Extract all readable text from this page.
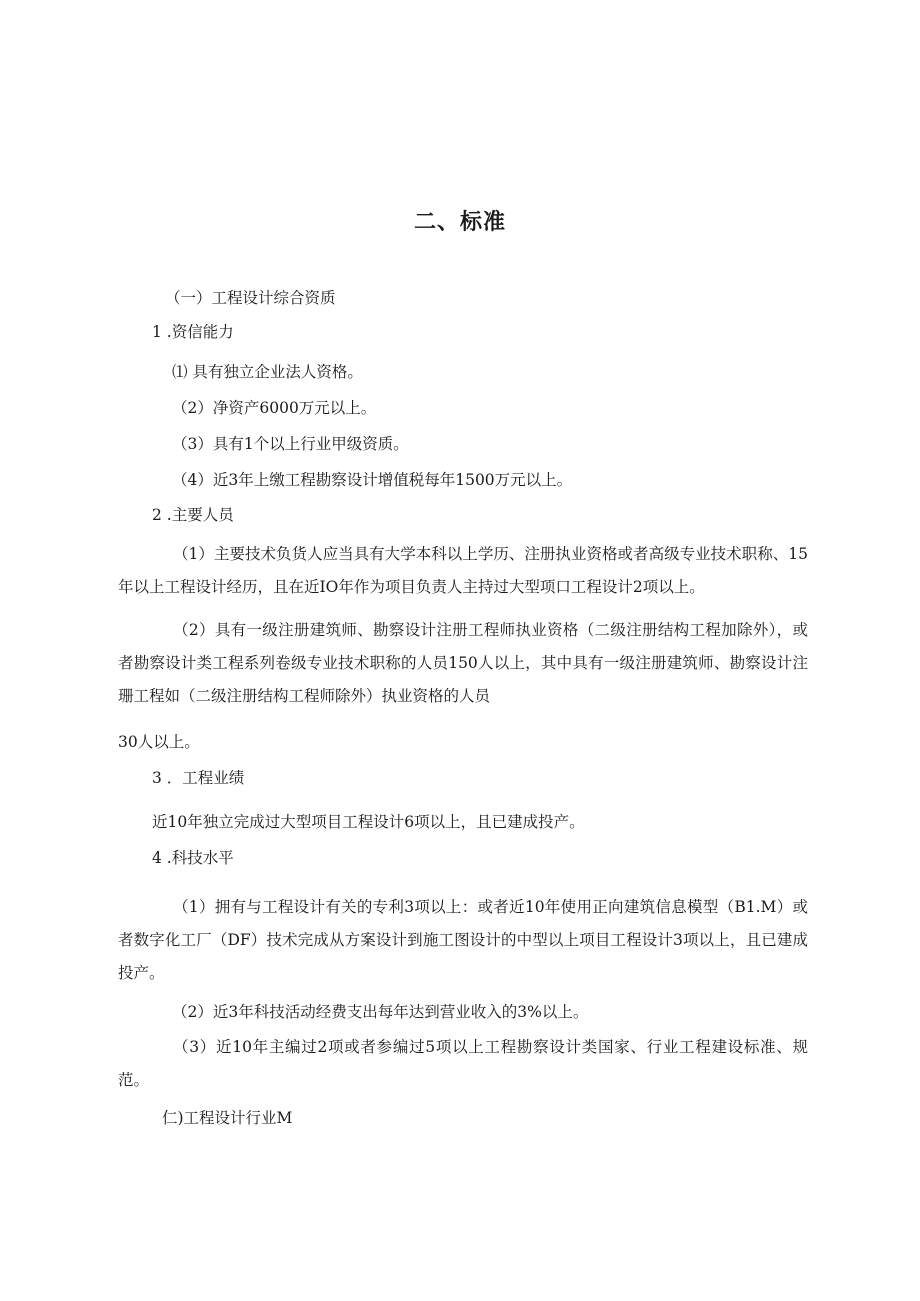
二、标准
（一）工程设计综合资质
1 .资信能力
⑴ 具有独立企业法人资格。
（2）净资产6000万元以上。
（3）具有1个以上行业甲级资质。
（4）近3年上缴工程勘察设计增值税每年1500万元以上。
2 .主要人员
（1）主要技术负货人应当具有大学本科以上学历、注册执业资格或者高级专业技术职称、15年以上工程设计经历，且在近IO年作为项目负责人主持过大型项口工程设计2项以上。
（2）具有一级注册建筑师、勘察设计注册工程师执业资格（二级注册结构工程加除外），或者勘察设计类工程系列卷级专业技术职称的人员150人以上，其中具有一级注册建筑师、勘察设计注珊工程如（二级注册结构工程师除外）执业资格的人员
30人以上。
3 ．工程业绩
近10年独立完成过大型项目工程设计6项以上，且已建成投产。
4 .科技水平
（1）拥有与工程设计有关的专利3项以上：或者近10年使用正向建筑信息模型（B1.M）或者数字化工厂（DF）技术完成从方案设计到施工图设计的中型以上项目工程设计3项以上，且已建成投产。
（2）近3年科技活动经费支出每年达到营业收入的3%以上。
（3）近10年主编过2项或者参编过5项以上工程勘察设计类国家、行业工程建设标准、规范。
仁)工程设计行业M
